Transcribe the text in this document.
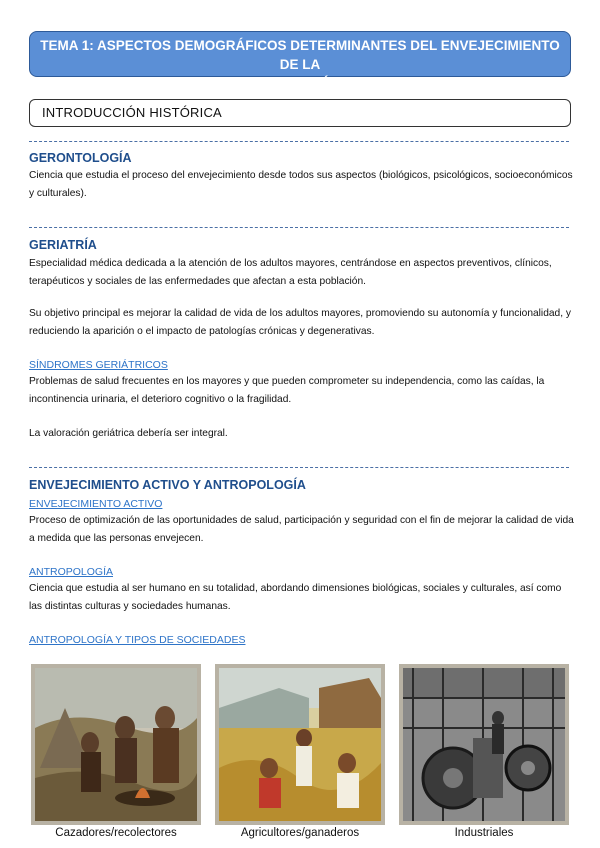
TEMA 1: ASPECTOS DEMOGRÁFICOS DETERMINANTES DEL ENVEJECIMIENTO DE LA
POBLACIÓN
INTRODUCCIÓN HISTÓRICA
GERONTOLOGÍA

Ciencia que estudia el proceso del envejecimiento desde todos sus aspectos (biológicos, psicológicos, socioeconómicos y culturales).

GERIATRÍA

Especialidad médica dedicada a la atención de los adultos mayores, centrándose en aspectos preventivos, clínicos, terapéuticos y sociales de las enfermedades que afectan a esta población.

Su objetivo principal es mejorar la calidad de vida de los adultos mayores, promoviendo su autonomía y funcionalidad, y reduciendo la aparición o el impacto de patologías crónicas y degenerativas.

SÍNDROMES GERIÁTRICOS

Problemas de salud frecuentes en los mayores y que pueden comprometer su independencia, como las caídas, la incontinencia urinaria, el deterioro cognitivo o la fragilidad.

La valoración geriátrica debería ser integral.

ENVEJECIMIENTO ACTIVO Y ANTROPOLOGÍA
ENVEJECIMIENTO ACTIVO

Proceso de optimización de las oportunidades de salud, participación y seguridad con el fin de mejorar la calidad de vida a medida que las personas envejecen.

ANTROPOLOGÍA

Ciencia que estudia al ser humano en su totalidad, abordando dimensiones biológicas, sociales y culturales, así como las distintas culturas y sociedades humanas.

ANTROPOLOGÍA Y TIPOS DE SOCIEDADES
Cazadores/recolectores	Agricultores/ganaderos	Industriales
